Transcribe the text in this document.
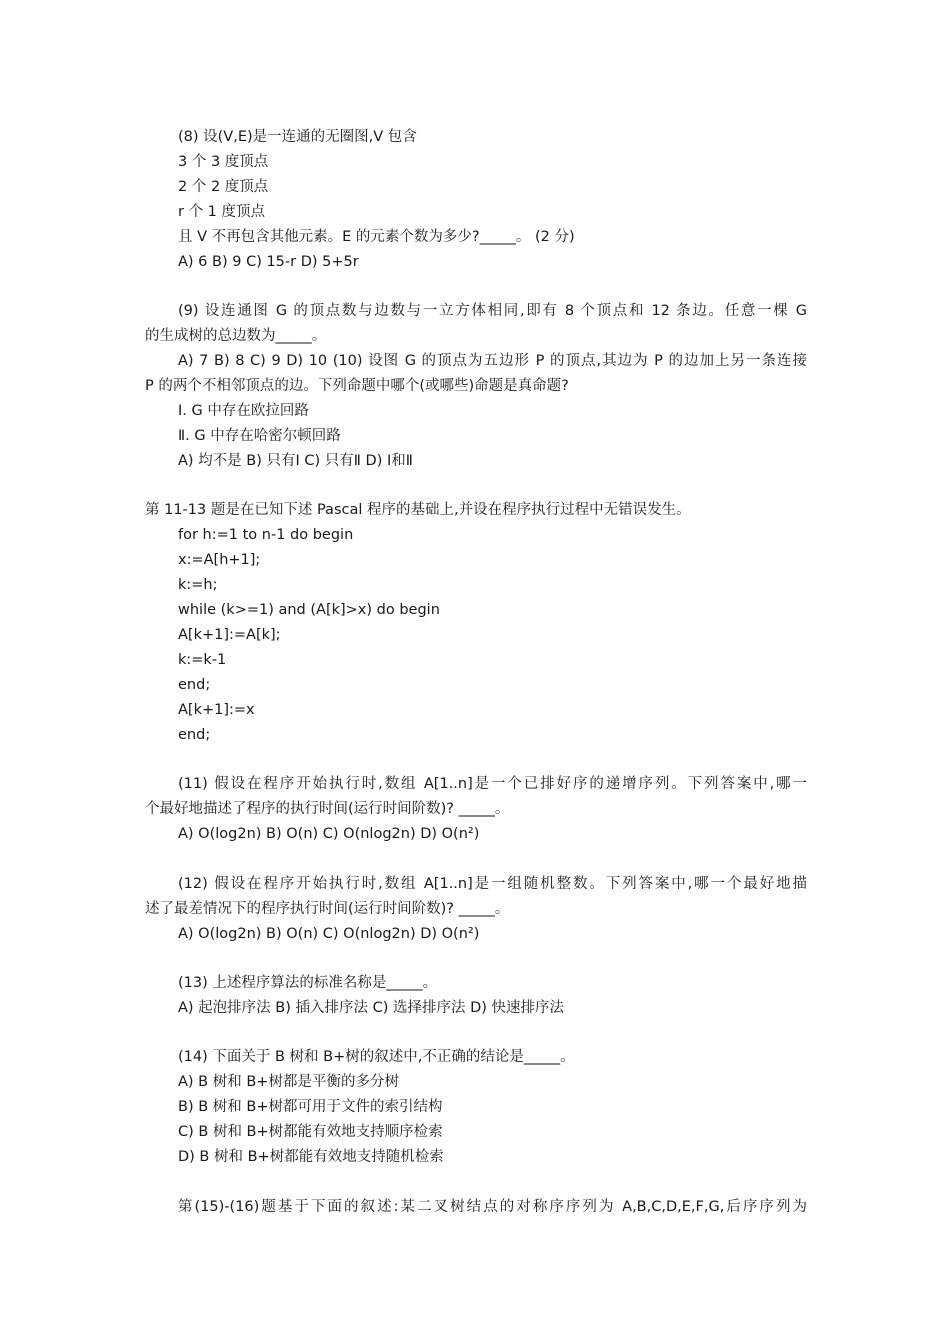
(8) 设(V,E)是一连通的无圈图,V 包含
3 个 3 度顶点
2 个 2 度顶点
r 个 1 度顶点
且 V 不再包含其他元素。E 的元素个数为多少?_____。 (2 分)
A) 6 B) 9 C) 15-r D) 5+5r
(9) 设连通图 G 的顶点数与边数与一立方体相同,即有 8 个顶点和 12 条边。任意一棵 G
的生成树的总边数为_____。
A) 7 B) 8 C) 9 D) 10 (10) 设图 G 的顶点为五边形 P 的顶点,其边为 P 的边加上另一条连接
P 的两个不相邻顶点的边。下列命题中哪个(或哪些)命题是真命题?
Ⅰ. G 中存在欧拉回路
Ⅱ. G 中存在哈密尔顿回路
A) 均不是 B) 只有Ⅰ C) 只有Ⅱ D) Ⅰ和Ⅱ
第 11-13 题是在已知下述 Pascal 程序的基础上,并设在程序执行过程中无错误发生。
for h:=1 to n-1 do begin
x:=A[h+1];
k:=h;
while (k>=1) and (A[k]>x) do begin
A[k+1]:=A[k];
k:=k-1
end;
A[k+1]:=x
end;
(11) 假设在程序开始执行时,数组 A[1..n]是一个已排好序的递增序列。下列答案中,哪一
个最好地描述了程序的执行时间(运行时间阶数)? _____。
A) O(log2n) B) O(n) C) O(nlog2n) D) O(n²)
(12) 假设在程序开始执行时,数组 A[1..n]是一组随机整数。下列答案中,哪一个最好地描
述了最差情况下的程序执行时间(运行时间阶数)? _____。
A) O(log2n) B) O(n) C) O(nlog2n) D) O(n²)
(13) 上述程序算法的标准名称是_____。
A) 起泡排序法 B) 插入排序法 C) 选择排序法 D) 快速排序法
(14) 下面关于 B 树和 B+树的叙述中,不正确的结论是_____。
A) B 树和 B+树都是平衡的多分树
B) B 树和 B+树都可用于文件的索引结构
C) B 树和 B+树都能有效地支持顺序检索
D) B 树和 B+树都能有效地支持随机检索
第(15)-(16)题基于下面的叙述:某二叉树结点的对称序序列为 A,B,C,D,E,F,G,后序序列为
